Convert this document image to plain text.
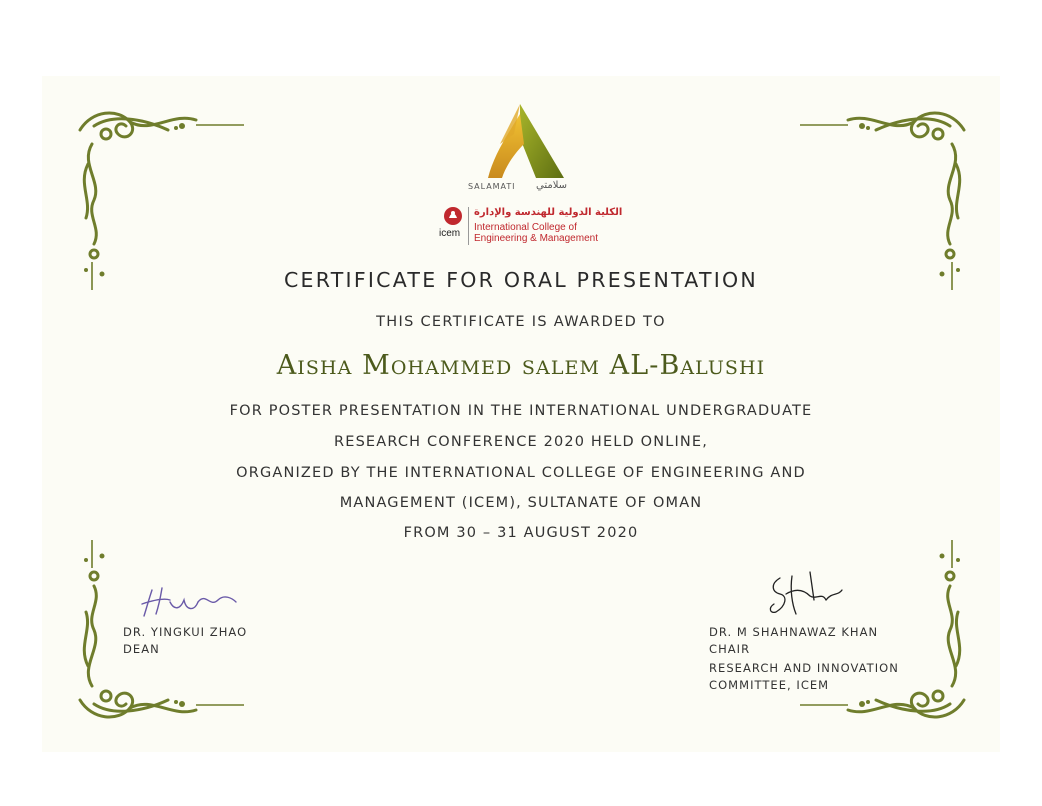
SALAMATI سلامتي
icem
الكلية الدولية للهندسة والإدارة
International College of
Engineering & Management
CERTIFICATE FOR ORAL PRESENTATION
THIS CERTIFICATE IS AWARDED TO
Aisha Mohammed salem AL-Balushi
FOR POSTER PRESENTATION IN THE INTERNATIONAL UNDERGRADUATE
RESEARCH CONFERENCE 2020 HELD ONLINE,
ORGANIZED BY THE INTERNATIONAL COLLEGE OF ENGINEERING AND
MANAGEMENT (ICEM), SULTANATE OF OMAN
FROM 30 – 31 AUGUST 2020
DR. YINGKUI ZHAO
DEAN
DR. M SHAHNAWAZ KHAN
CHAIR
RESEARCH AND INNOVATION
COMMITTEE, ICEM
